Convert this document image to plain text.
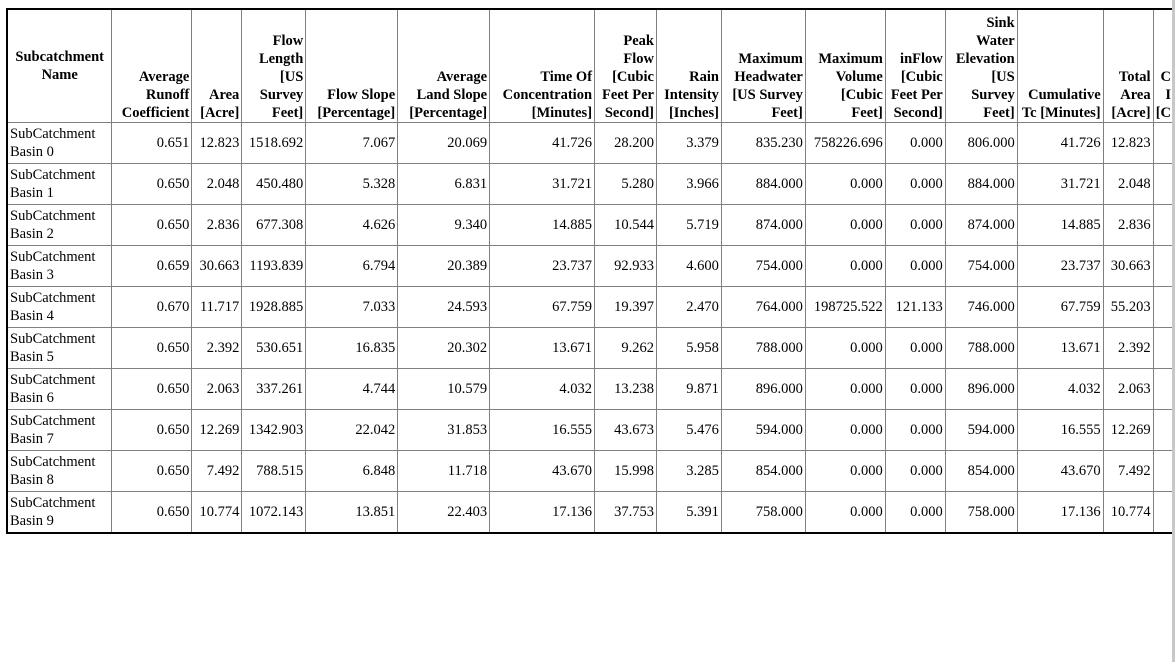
Subcatchment Name	Average Runoff Coefficient	Area [Acre]	Flow Length [US Survey Feet]	Flow Slope [Percentage]	Average Land Slope [Percentage]	Time Of Concentration [Minutes]	Peak Flow [Cubic Feet Per Second]	Rain Intensity [Inches]	Maximum Headwater [US Survey Feet]	Maximum Volume [Cubic Feet]	inFlow [Cubic Feet Per Second]	Sink Water Elevation [US Survey Feet]	Cumulative Tc [Minutes]	Total Area [Acre]	C I [C
SubCatchment Basin 0	0.651	12.823	1518.692	7.067	20.069	41.726	28.200	3.379	835.230	758226.696	0.000	806.000	41.726	12.823	
SubCatchment Basin 1	0.650	2.048	450.480	5.328	6.831	31.721	5.280	3.966	884.000	0.000	0.000	884.000	31.721	2.048	
SubCatchment Basin 2	0.650	2.836	677.308	4.626	9.340	14.885	10.544	5.719	874.000	0.000	0.000	874.000	14.885	2.836	
SubCatchment Basin 3	0.659	30.663	1193.839	6.794	20.389	23.737	92.933	4.600	754.000	0.000	0.000	754.000	23.737	30.663	
SubCatchment Basin 4	0.670	11.717	1928.885	7.033	24.593	67.759	19.397	2.470	764.000	198725.522	121.133	746.000	67.759	55.203	
SubCatchment Basin 5	0.650	2.392	530.651	16.835	20.302	13.671	9.262	5.958	788.000	0.000	0.000	788.000	13.671	2.392	
SubCatchment Basin 6	0.650	2.063	337.261	4.744	10.579	4.032	13.238	9.871	896.000	0.000	0.000	896.000	4.032	2.063	
SubCatchment Basin 7	0.650	12.269	1342.903	22.042	31.853	16.555	43.673	5.476	594.000	0.000	0.000	594.000	16.555	12.269	
SubCatchment Basin 8	0.650	7.492	788.515	6.848	11.718	43.670	15.998	3.285	854.000	0.000	0.000	854.000	43.670	7.492	
SubCatchment Basin 9	0.650	10.774	1072.143	13.851	22.403	17.136	37.753	5.391	758.000	0.000	0.000	758.000	17.136	10.774	
